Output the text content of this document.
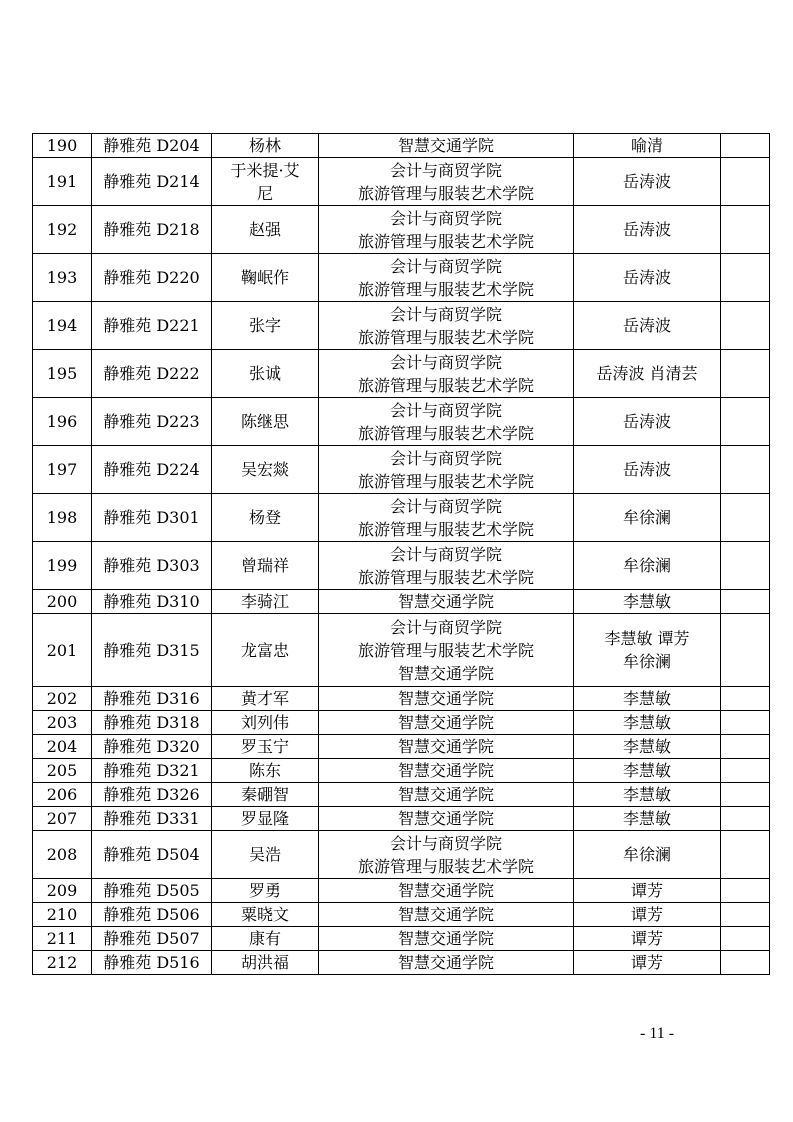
190	静雅苑 D204	杨林	智慧交通学院	喻清	

191	静雅苑 D214	于米提·艾
尼	会计与商贸学院
旅游管理与服装艺术学院	岳涛波	

192	静雅苑 D218	赵强	会计与商贸学院
旅游管理与服装艺术学院	岳涛波	

193	静雅苑 D220	鞠岷作	会计与商贸学院
旅游管理与服装艺术学院	岳涛波	

194	静雅苑 D221	张字	会计与商贸学院
旅游管理与服装艺术学院	岳涛波	

195	静雅苑 D222	张诚	会计与商贸学院
旅游管理与服装艺术学院	岳涛波 肖清芸	

196	静雅苑 D223	陈继思	会计与商贸学院
旅游管理与服装艺术学院	岳涛波	

197	静雅苑 D224	吴宏燚	会计与商贸学院
旅游管理与服装艺术学院	岳涛波	

198	静雅苑 D301	杨登	会计与商贸学院
旅游管理与服装艺术学院	牟徐澜	

199	静雅苑 D303	曾瑞祥	会计与商贸学院
旅游管理与服装艺术学院	牟徐澜	

200	静雅苑 D310	李骑江	智慧交通学院	李慧敏	

201	静雅苑 D315	龙富忠	会计与商贸学院
旅游管理与服装艺术学院
智慧交通学院	李慧敏 谭芳
牟徐澜	

202	静雅苑 D316	黄才军	智慧交通学院	李慧敏	

203	静雅苑 D318	刘列伟	智慧交通学院	李慧敏	

204	静雅苑 D320	罗玉宁	智慧交通学院	李慧敏	

205	静雅苑 D321	陈东	智慧交通学院	李慧敏	

206	静雅苑 D326	秦硼智	智慧交通学院	李慧敏	

207	静雅苑 D331	罗显隆	智慧交通学院	李慧敏	

208	静雅苑 D504	吴浩	会计与商贸学院
旅游管理与服装艺术学院	牟徐澜	

209	静雅苑 D505	罗勇	智慧交通学院	谭芳	

210	静雅苑 D506	粟晓文	智慧交通学院	谭芳	

211	静雅苑 D507	康有	智慧交通学院	谭芳	

212	静雅苑 D516	胡洪福	智慧交通学院	谭芳	

- 11 -
